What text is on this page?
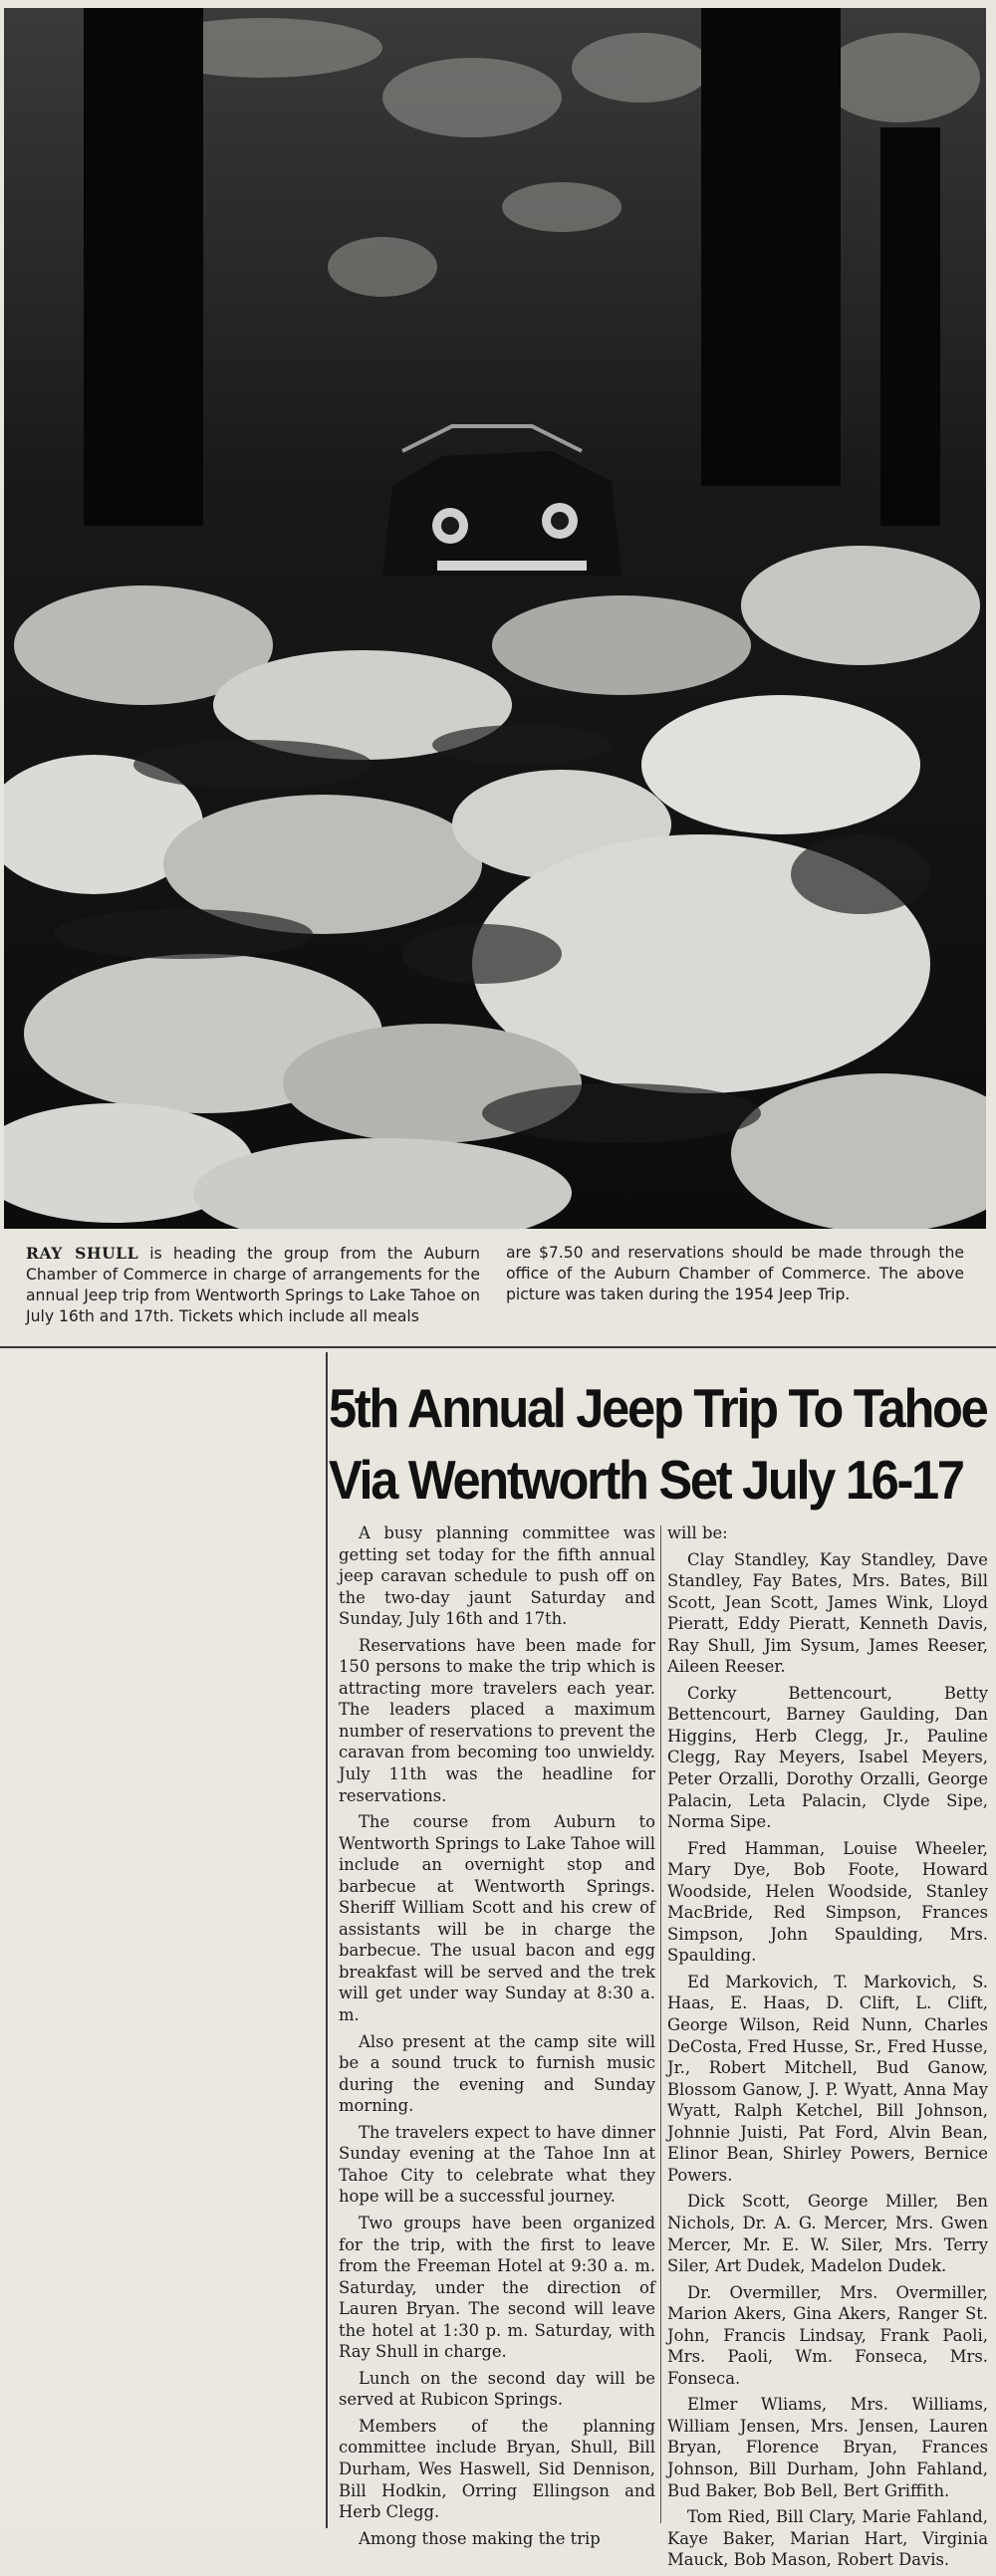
RAY SHULL is heading the group from the Auburn Chamber of Commerce in charge of arrangements for the annual Jeep trip from Wentworth Springs to Lake Tahoe on July 16th and 17th. Tickets which include all meals
are $7.50 and reservations should be made through the office of the Auburn Chamber of Commerce. The above picture was taken during the 1954 Jeep Trip.
5th Annual Jeep Trip To Tahoe
Via Wentworth Set July 16-17

A busy planning committee was getting set today for the fifth annual jeep caravan schedule to push off on the two-day jaunt Saturday and Sunday, July 16th and 17th.

Reservations have been made for 150 persons to make the trip which is attracting more travelers each year. The leaders placed a maximum number of reservations to prevent the caravan from becoming too unwieldy. July 11th was the headline for reservations.

The course from Auburn to Wentworth Springs to Lake Tahoe will include an overnight stop and barbecue at Wentworth Springs. Sheriff William Scott and his crew of assistants will be in charge the barbecue. The usual bacon and egg breakfast will be served and the trek will get under way Sunday at 8:30 a. m.

Also present at the camp site will be a sound truck to furnish music during the evening and Sunday morning.

The travelers expect to have dinner Sunday evening at the Tahoe Inn at Tahoe City to celebrate what they hope will be a successful journey.

Two groups have been organized for the trip, with the first to leave from the Freeman Hotel at 9:30 a. m. Saturday, under the direction of Lauren Bryan. The second will leave the hotel at 1:30 p. m. Saturday, with Ray Shull in charge.

Lunch on the second day will be served at Rubicon Springs.

Members of the planning committee include Bryan, Shull, Bill Durham, Wes Haswell, Sid Dennison, Bill Hodkin, Orring Ellingson and Herb Clegg.

Among those making the trip

will be:

Clay Standley, Kay Standley, Dave Standley, Fay Bates, Mrs. Bates, Bill Scott, Jean Scott, James Wink, Lloyd Pieratt, Eddy Pieratt, Kenneth Davis, Ray Shull, Jim Sysum, James Reeser, Aileen Reeser.

Corky Bettencourt, Betty Bettencourt, Barney Gaulding, Dan Higgins, Herb Clegg, Jr., Pauline Clegg, Ray Meyers, Isabel Meyers, Peter Orzalli, Dorothy Orzalli, George Palacin, Leta Palacin, Clyde Sipe, Norma Sipe.

Fred Hamman, Louise Wheeler, Mary Dye, Bob Foote, Howard Woodside, Helen Woodside, Stanley MacBride, Red Simpson, Frances Simpson, John Spaulding, Mrs. Spaulding.

Ed Markovich, T. Markovich, S. Haas, E. Haas, D. Clift, L. Clift, George Wilson, Reid Nunn, Charles DeCosta, Fred Husse, Sr., Fred Husse, Jr., Robert Mitchell, Bud Ganow, Blossom Ganow, J. P. Wyatt, Anna May Wyatt, Ralph Ketchel, Bill Johnson, Johnnie Juisti, Pat Ford, Alvin Bean, Elinor Bean, Shirley Powers, Bernice Powers.

Dick Scott, George Miller, Ben Nichols, Dr. A. G. Mercer, Mrs. Gwen Mercer, Mr. E. W. Siler, Mrs. Terry Siler, Art Dudek, Madelon Dudek.

Dr. Overmiller, Mrs. Overmiller, Marion Akers, Gina Akers, Ranger St. John, Francis Lindsay, Frank Paoli, Mrs. Paoli, Wm. Fonseca, Mrs. Fonseca.

Elmer Wliams, Mrs. Williams, William Jensen, Mrs. Jensen, Lauren Bryan, Florence Bryan, Frances Johnson, Bill Durham, John Fahland, Bud Baker, Bob Bell, Bert Griffith.

Tom Ried, Bill Clary, Marie Fahland, Kaye Baker, Marian Hart, Virginia Mauck, Bob Mason, Robert Davis.
